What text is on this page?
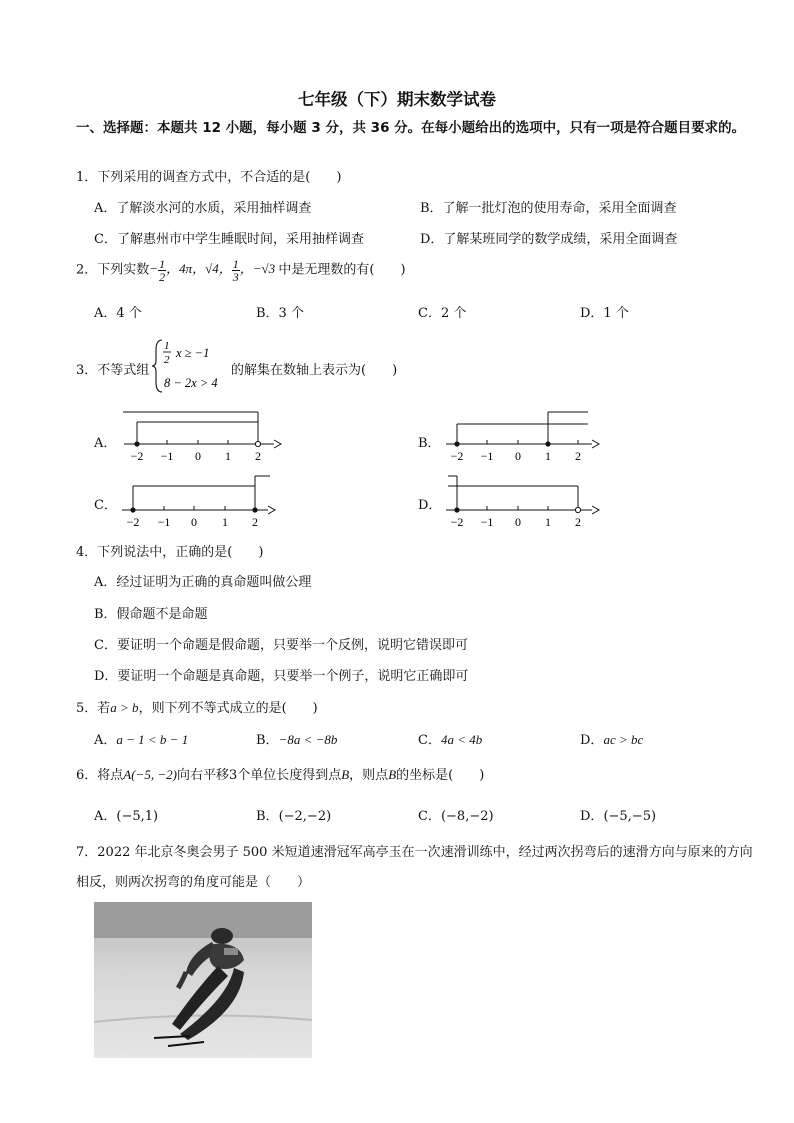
七年级（下）期末数学试卷
一、选择题：本题共 12 小题，每小题 3 分，共 36 分。在每小题给出的选项中，只有一项是符合题目要求的。
1．下列采用的调查方式中，不合适的是(　　)
A．了解淡水河的水质，采用抽样调查	B．了解一批灯泡的使用寿命，采用全面调查
C．了解惠州市中学生睡眠时间，采用抽样调查	D．了解某班同学的数学成绩，采用全面调查
2．下列实数− $\frac{1}{2}$ ，4π，√4， $\frac{1}{3}$ ，−√3 中是无理数的有(　　)
A．4 个	B．3 个	C．2 个	D．1 个
3．不等式组
1
2 x ≥ −1
8 − 2x > 4
的解集在数轴上表示为(　　)
A．
−2 −1 0 1 2
B．
−2 −1 0 1 2
C．
−2 −1 0 1 2
D．
−2 −1 0 1 2
4．下列说法中，正确的是(　　)
A．经过证明为正确的真命题叫做公理
B．假命题不是命题
C．要证明一个命题是假命题，只要举一个反例，说明它错误即可
D．要证明一个命题是真命题，只要举一个例子，说明它正确即可
5．若a > b，则下列不等式成立的是(　　)
A．a − 1 < b − 1	B．−8a < −8b	C．4a < 4b	D．ac > bc
6．将点A(−5, −2)向右平移3个单位长度得到点B，则点B的坐标是(　　)
A．(−5,1)	B．(−2,−2)	C．(−8,−2)	D．(−5,−5)
7．2022 年北京冬奥会男子 500 米短道速滑冠军高亭玉在一次速滑训练中，经过两次拐弯后的速滑方向与原来的方向相反，则两次拐弯的角度可能是（　　）
